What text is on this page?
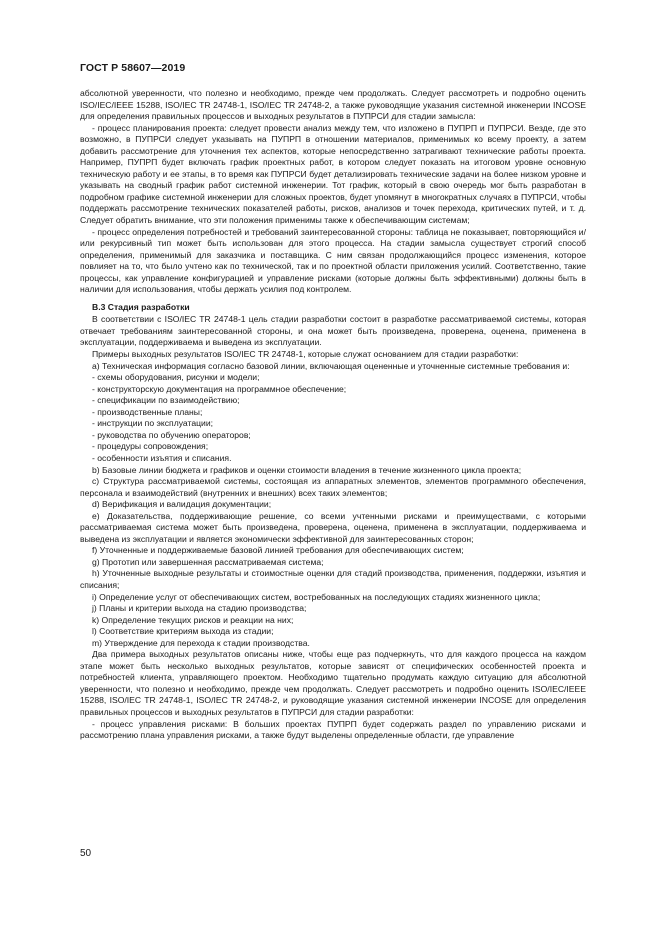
ГОСТ Р 58607—2019

абсолютной уверенности, что полезно и необходимо, прежде чем продолжать. Следует рассмотреть и подробно оценить ISO/IEC/IEEE 15288, ISO/IEC TR 24748-1, ISO/IEC TR 24748-2, а также руководящие указания системной инженерии INCOSE для определения правильных процессов и выходных результатов в ПУПРСИ для стадии замысла:

- процесс планирования проекта: следует провести анализ между тем, что изложено в ПУПРП и ПУПРСИ. Везде, где это возможно, в ПУПРСИ следует указывать на ПУПРП в отношении материалов, применимых ко всему проекту, а затем добавить рассмотрение для уточнения тех аспектов, которые непосредственно затрагивают технические работы проекта. Например, ПУПРП будет включать график проектных работ, в котором следует показать на итоговом уровне основную техническую работу и ее этапы, в то время как ПУПРСИ будет детализировать технические задачи на более низком уровне и указывать на сводный график работ системной инженерии. Тот график, который в свою очередь мог быть разработан в подробном графике системной инженерии для сложных проектов, будет упомянут в многократных случаях в ПУПРСИ, чтобы поддержать рассмотрение технических показателей работы, рисков, анализов и точек перехода, критических путей, и т. д. Следует обратить внимание, что эти положения применимы также к обеспечивающим системам;

- процесс определения потребностей и требований заинтересованной стороны: таблица не показывает, повторяющийся и/или рекурсивный тип может быть использован для этого процесса. На стадии замысла существует строгий способ определения, применимый для заказчика и поставщика. С ним связан продолжающийся процесс изменения, которое повлияет на то, что было учтено как по технической, так и по проектной области приложения усилий. Соответственно, такие процессы, как управление конфигурацией и управление рисками (которые должны быть эффективными) должны быть в наличии для использования, чтобы держать усилия под контролем.

В.3 Стадия разработки

В соответствии с ISO/IEC TR 24748-1 цель стадии разработки состоит в разработке рассматриваемой системы, которая отвечает требованиям заинтересованной стороны, и она может быть произведена, проверена, оценена, применена в эксплуатации, поддерживаема и выведена из эксплуатации.

Примеры выходных результатов ISO/IEC TR 24748-1, которые служат основанием для стадии разработки:

a) Техническая информация согласно базовой линии, включающая оцененные и уточненные системные требования и:

- схемы оборудования, рисунки и модели;

- конструкторскую документация на программное обеспечение;

- спецификации по взаимодействию;

- производственные планы;

- инструкции по эксплуатации;

- руководства по обучению операторов;

- процедуры сопровождения;

- особенности изъятия и списания.

b) Базовые линии бюджета и графиков и оценки стоимости владения в течение жизненного цикла проекта;

c) Структура рассматриваемой системы, состоящая из аппаратных элементов, элементов программного обеспечения, персонала и взаимодействий (внутренних и внешних) всех таких элементов;

d) Верификация и валидация документации;

e) Доказательства, поддерживающие решение, со всеми учтенными рисками и преимуществами, с которыми рассматриваемая система может быть произведена, проверена, оценена, применена в эксплуатации, поддерживаема и выведена из эксплуатации и является экономически эффективной для заинтересованных сторон;

f) Уточненные и поддерживаемые базовой линией требования для обеспечивающих систем;

g) Прототип или завершенная рассматриваемая система;

h) Уточненные выходные результаты и стоимостные оценки для стадий производства, применения, поддержки, изъятия и списания;

i) Определение услуг от обеспечивающих систем, востребованных на последующих стадиях жизненного цикла;

j) Планы и критерии выхода на стадию производства;

k) Определение текущих рисков и реакции на них;

l) Соответствие критериям выхода из стадии;

m) Утверждение для перехода к стадии производства.

Два примера выходных результатов описаны ниже, чтобы еще раз подчеркнуть, что для каждого процесса на каждом этапе может быть несколько выходных результатов, которые зависят от специфических особенностей проекта и потребностей клиента, управляющего проектом. Необходимо тщательно продумать каждую ситуацию для абсолютной уверенности, что полезно и необходимо, прежде чем продолжать. Следует рассмотреть и подробно оценить ISO/IEC/IEEE 15288, ISO/IEC TR 24748-1, ISO/IEC TR 24748-2, и руководящие указания системной инженерии INCOSE для определения правильных процессов и выходных результатов в ПУПРСИ для стадии разработки:

- процесс управления рисками: В больших проектах ПУПРП будет содержать раздел по управлению рисками и рассмотрению плана управления рисками, а также будут выделены определенные области, где управление

50
